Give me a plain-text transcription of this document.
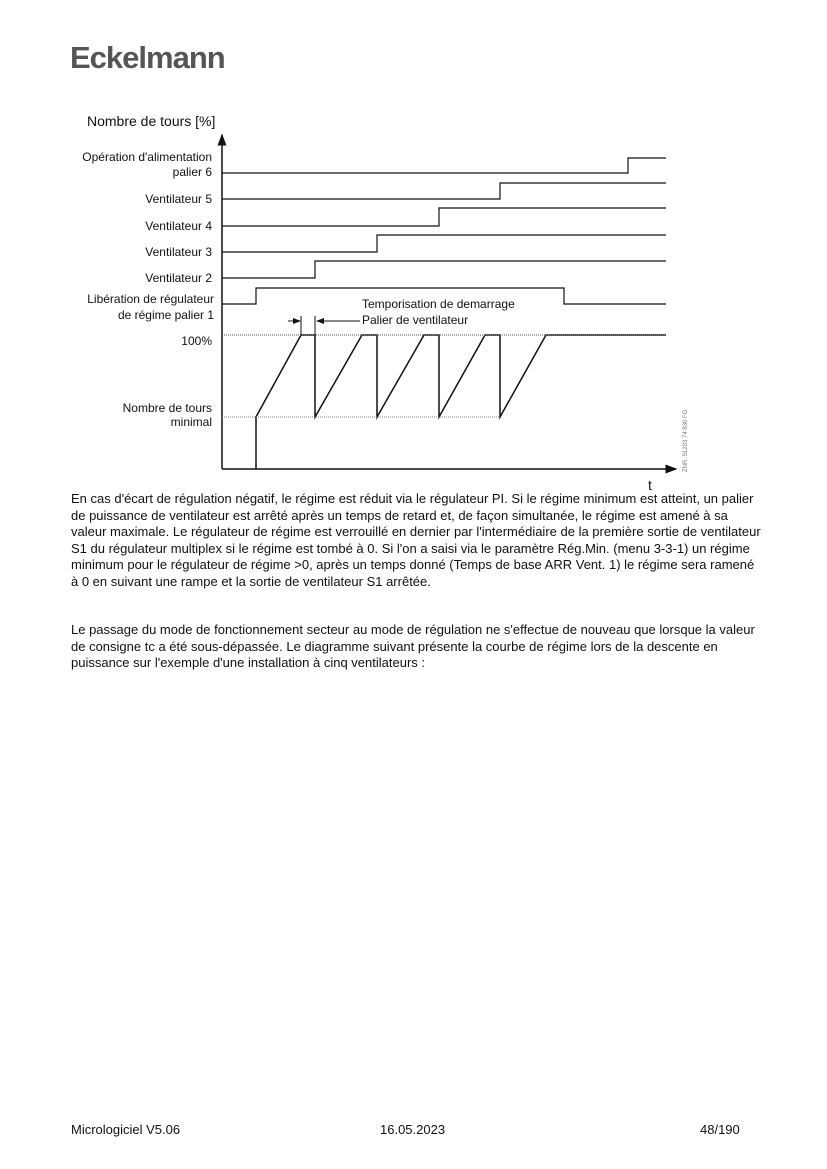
Eckelmann
Nombre de tours [%]
t
Opération d'alimentation
palier 6
Ventilateur 5
Ventilateur 4
Ventilateur 3
Ventilateur 2
Libération de régulateur
de régime palier 1
100%
Nombre de tours
minimal
Temporisation de demarrage
Palier de ventilateur
ZNR. 51203 74 830 FG
En cas d'écart de régulation négatif, le régime est réduit via le régulateur PI. Si le régime minimum est atteint, un palier de puissance de ventilateur est arrêté après un temps de retard et, de façon simultanée, le régime est amené à sa valeur maximale. Le régulateur de régime est verrouillé en dernier par l'intermédiaire de la première sortie de ventilateur S1 du régulateur multiplex si le régime est tombé à 0. Si l'on a saisi via le paramètre Rég.Min. (menu 3-3-1) un régime minimum pour le régulateur de régime >0, après un temps donné (Temps de base ARR Vent. 1) le régime sera ramené à 0 en suivant une rampe et la sortie de ventilateur S1 arrêtée.
Le passage du mode de fonctionnement secteur au mode de régulation ne s'effectue de nouveau que lorsque la valeur de consigne tc a été sous-dépassée. Le diagramme suivant présente la courbe de régime lors de la descente en puissance sur l'exemple d'une installation à cinq ventilateurs :
Micrologiciel V5.06	16.05.2023	48/190
